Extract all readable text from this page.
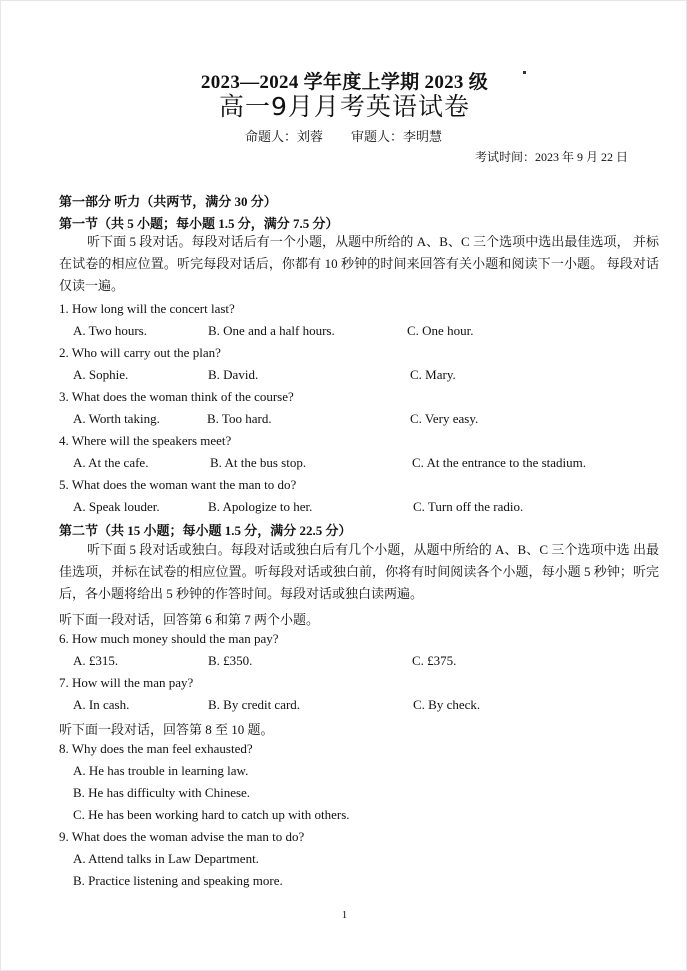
2023—2024 学年度上学期 2023 级
高一9月月考英语试卷
命题人：刘蓉 审题人：李明慧
考试时间：2023 年 9 月 22 日
第一部分 听力（共两节，满分 30 分）
第一节（共 5 小题；每小题 1.5 分，满分 7.5 分）
听下面 5 段对话。每段对话后有一个小题，从题中所给的 A、B、C 三个选项中选出最佳选项， 并标在试卷的相应位置。听完每段对话后，你都有 10 秒钟的时间来回答有关小题和阅读下一小题。 每段对话仅读一遍。
1. How long will the concert last?
A. Two hours.	B. One and a half hours.	C. One hour.
2. Who will carry out the plan?
A. Sophie.	B. David.	C. Mary.
3. What does the woman think of the course?
A. Worth taking.	B. Too hard.	C. Very easy.
4. Where will the speakers meet?
A. At the cafe.	B. At the bus stop.	C. At the entrance to the stadium.
5. What does the woman want the man to do?
A. Speak louder.	B. Apologize to her.	C. Turn off the radio.
第二节（共 15 小题；每小题 1.5 分，满分 22.5 分）
听下面 5 段对话或独白。每段对话或独白后有几个小题，从题中所给的 A、B、C 三个选项中选 出最佳选项，并标在试卷的相应位置。听每段对话或独白前，你将有时间阅读各个小题，每小题 5 秒钟；听完后，各小题将给出 5 秒钟的作答时间。每段对话或独白读两遍。
听下面一段对话，回答第 6 和第 7 两个小题。
6. How much money should the man pay?
A. £315.	B. £350.	C. £375.
7. How will the man pay?
A. In cash.	B. By credit card.	C. By check.
听下面一段对话，回答第 8 至 10 题。
8. Why does the man feel exhausted?
A. He has trouble in learning law.
B. He has difficulty with Chinese.
C. He has been working hard to catch up with others.
9. What does the woman advise the man to do?
A. Attend talks in Law Department.
B. Practice listening and speaking more.
1
